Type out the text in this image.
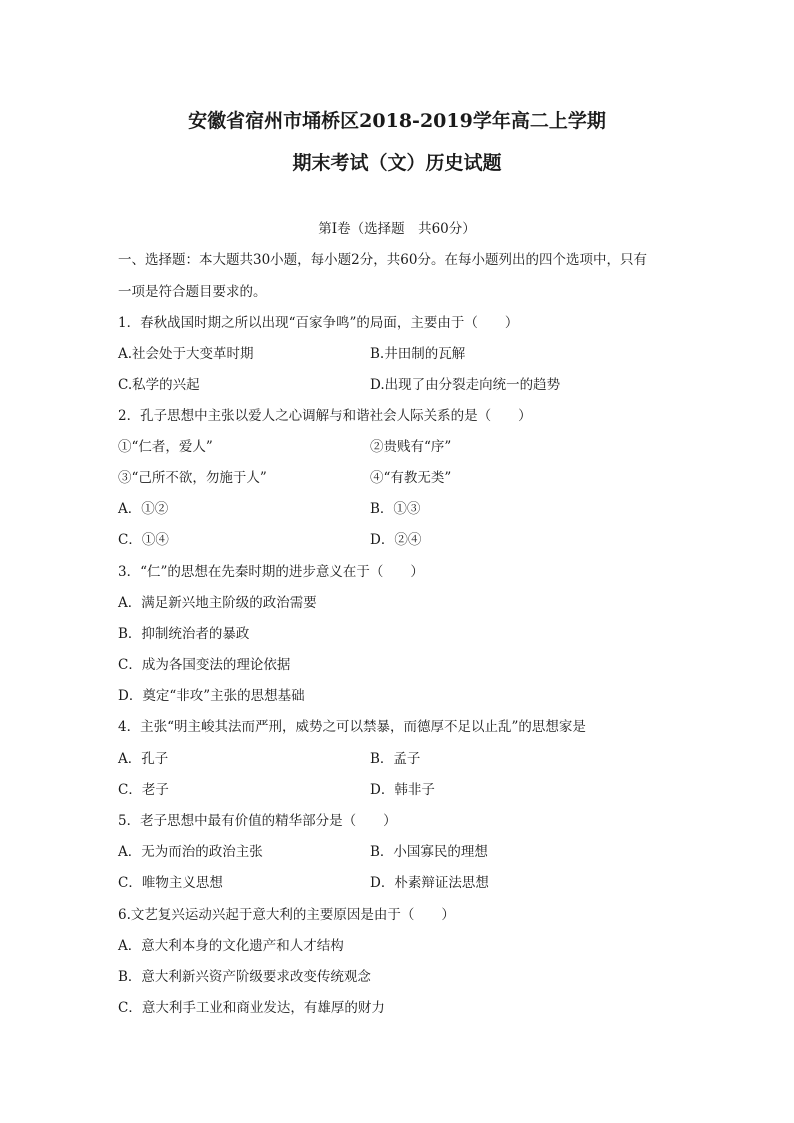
安徽省宿州市埇桥区2018-2019学年高二上学期
期末考试（文）历史试题
第Ⅰ卷（选择题　共60分）
一、选择题：本大题共30小题，每小题2分，共60分。在每小题列出的四个选项中，只有
一项是符合题目要求的。
1．春秋战国时期之所以出现“百家争鸣”的局面，主要由于（　　）
A.社会处于大变革时期	B.井田制的瓦解
C.私学的兴起	D.出现了由分裂走向统一的趋势
2．孔子思想中主张以爱人之心调解与和谐社会人际关系的是（　　）
①“仁者，爱人”	②贵贱有“序”
③“己所不欲，勿施于人”	④“有教无类”
A．①②	B．①③
C．①④	D．②④
3．“仁”的思想在先秦时期的进步意义在于（　　）
A．满足新兴地主阶级的政治需要
B．抑制统治者的暴政
C．成为各国变法的理论依据
D．奠定“非攻”主张的思想基础
4．主张“明主峻其法而严刑，威势之可以禁暴，而德厚不足以止乱”的思想家是
A．孔子	B．孟子
C．老子	D．韩非子
5．老子思想中最有价值的精华部分是（　　）
A．无为而治的政治主张	B．小国寡民的理想
C．唯物主义思想	D．朴素辩证法思想
6.文艺复兴运动兴起于意大利的主要原因是由于（　　）
A．意大利本身的文化遗产和人才结构
B．意大利新兴资产阶级要求改变传统观念
C．意大利手工业和商业发达，有雄厚的财力
